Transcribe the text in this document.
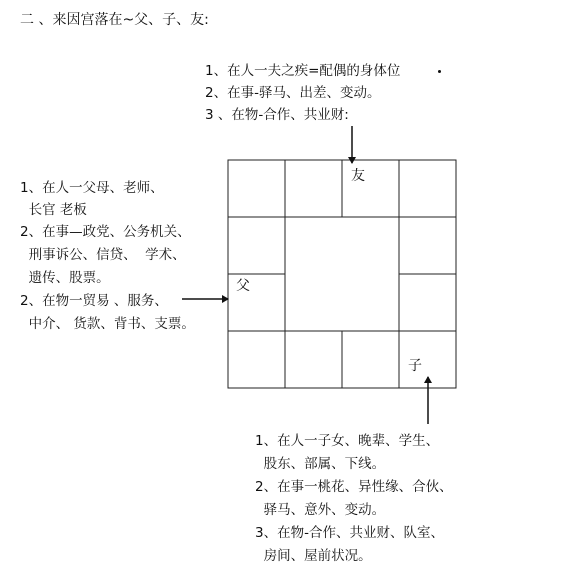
二 、来因宫落在~父、子、友:
1、在人一夫之疾=配偶的身体位
2、在事-驿马、出差、变动。
3 、在物-合作、共业财:
1、在人一父母、老师、
长官 老板
2、在事—政党、公务机关、
刑事诉公、信贷、  学术、
遗传、股票。
2、在物一贸易 、服务、
中介、 货款、背书、支票。
1、在人一子女、晚辈、学生、
股东、部属、下线。
2、在事一桃花、异性缘、合伙、
驿马、意外、变动。
3、在物-合作、共业财、队室、
房间、屋前状况。
友
父
子
